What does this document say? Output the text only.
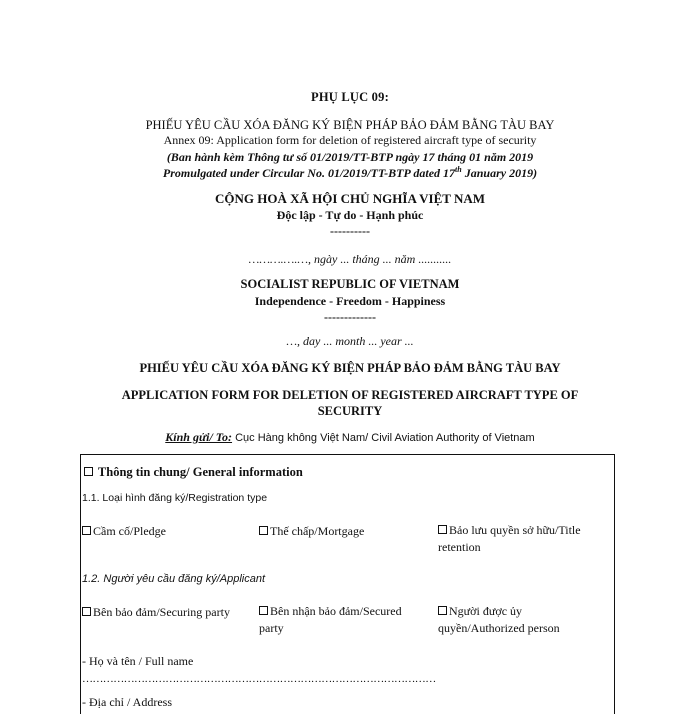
PHỤ LỤC 09:
PHIẾU YÊU CẦU XÓA ĐĂNG KÝ BIỆN PHÁP BẢO ĐẢM BẰNG TÀU BAY
Annex 09: Application form for deletion of registered aircraft type of security
(Ban hành kèm Thông tư số 01/2019/TT-BTP ngày 17 tháng 01 năm 2019
Promulgated under Circular No. 01/2019/TT-BTP dated 17th January 2019)
CỘNG HOÀ XÃ HỘI CHỦ NGHĨA VIỆT NAM
Độc lập - Tự do - Hạnh phúc
----------
……….….…, ngày ... tháng ... năm ...........
SOCIALIST REPUBLIC OF VIETNAM
Independence - Freedom - Happiness
-------------
…, day ... month ... year ...
PHIẾU YÊU CẦU XÓA ĐĂNG KÝ BIỆN PHÁP BẢO ĐẢM BẰNG TÀU BAY
APPLICATION FORM FOR DELETION OF REGISTERED AIRCRAFT TYPE OF
SECURITY
Kính gửi/ To: Cục Hàng không Việt Nam/ Civil Aviation Authority of Vietnam
Thông tin chung/ General information
1.1. Loại hình đăng ký/Registration type
Cầm cố/Pledge	Thế chấp/Mortgage	Bảo lưu quyền sở hữu/Title retention
1.2. Người yêu cầu đăng ký/Applicant
Bên bảo đảm/Securing party	Bên nhận bảo đảm/Secured party
Người được ủy quyền/Authorized person
- Họ và tên / Full name
…………………………………………………………………………………………
- Địa chỉ / Address
